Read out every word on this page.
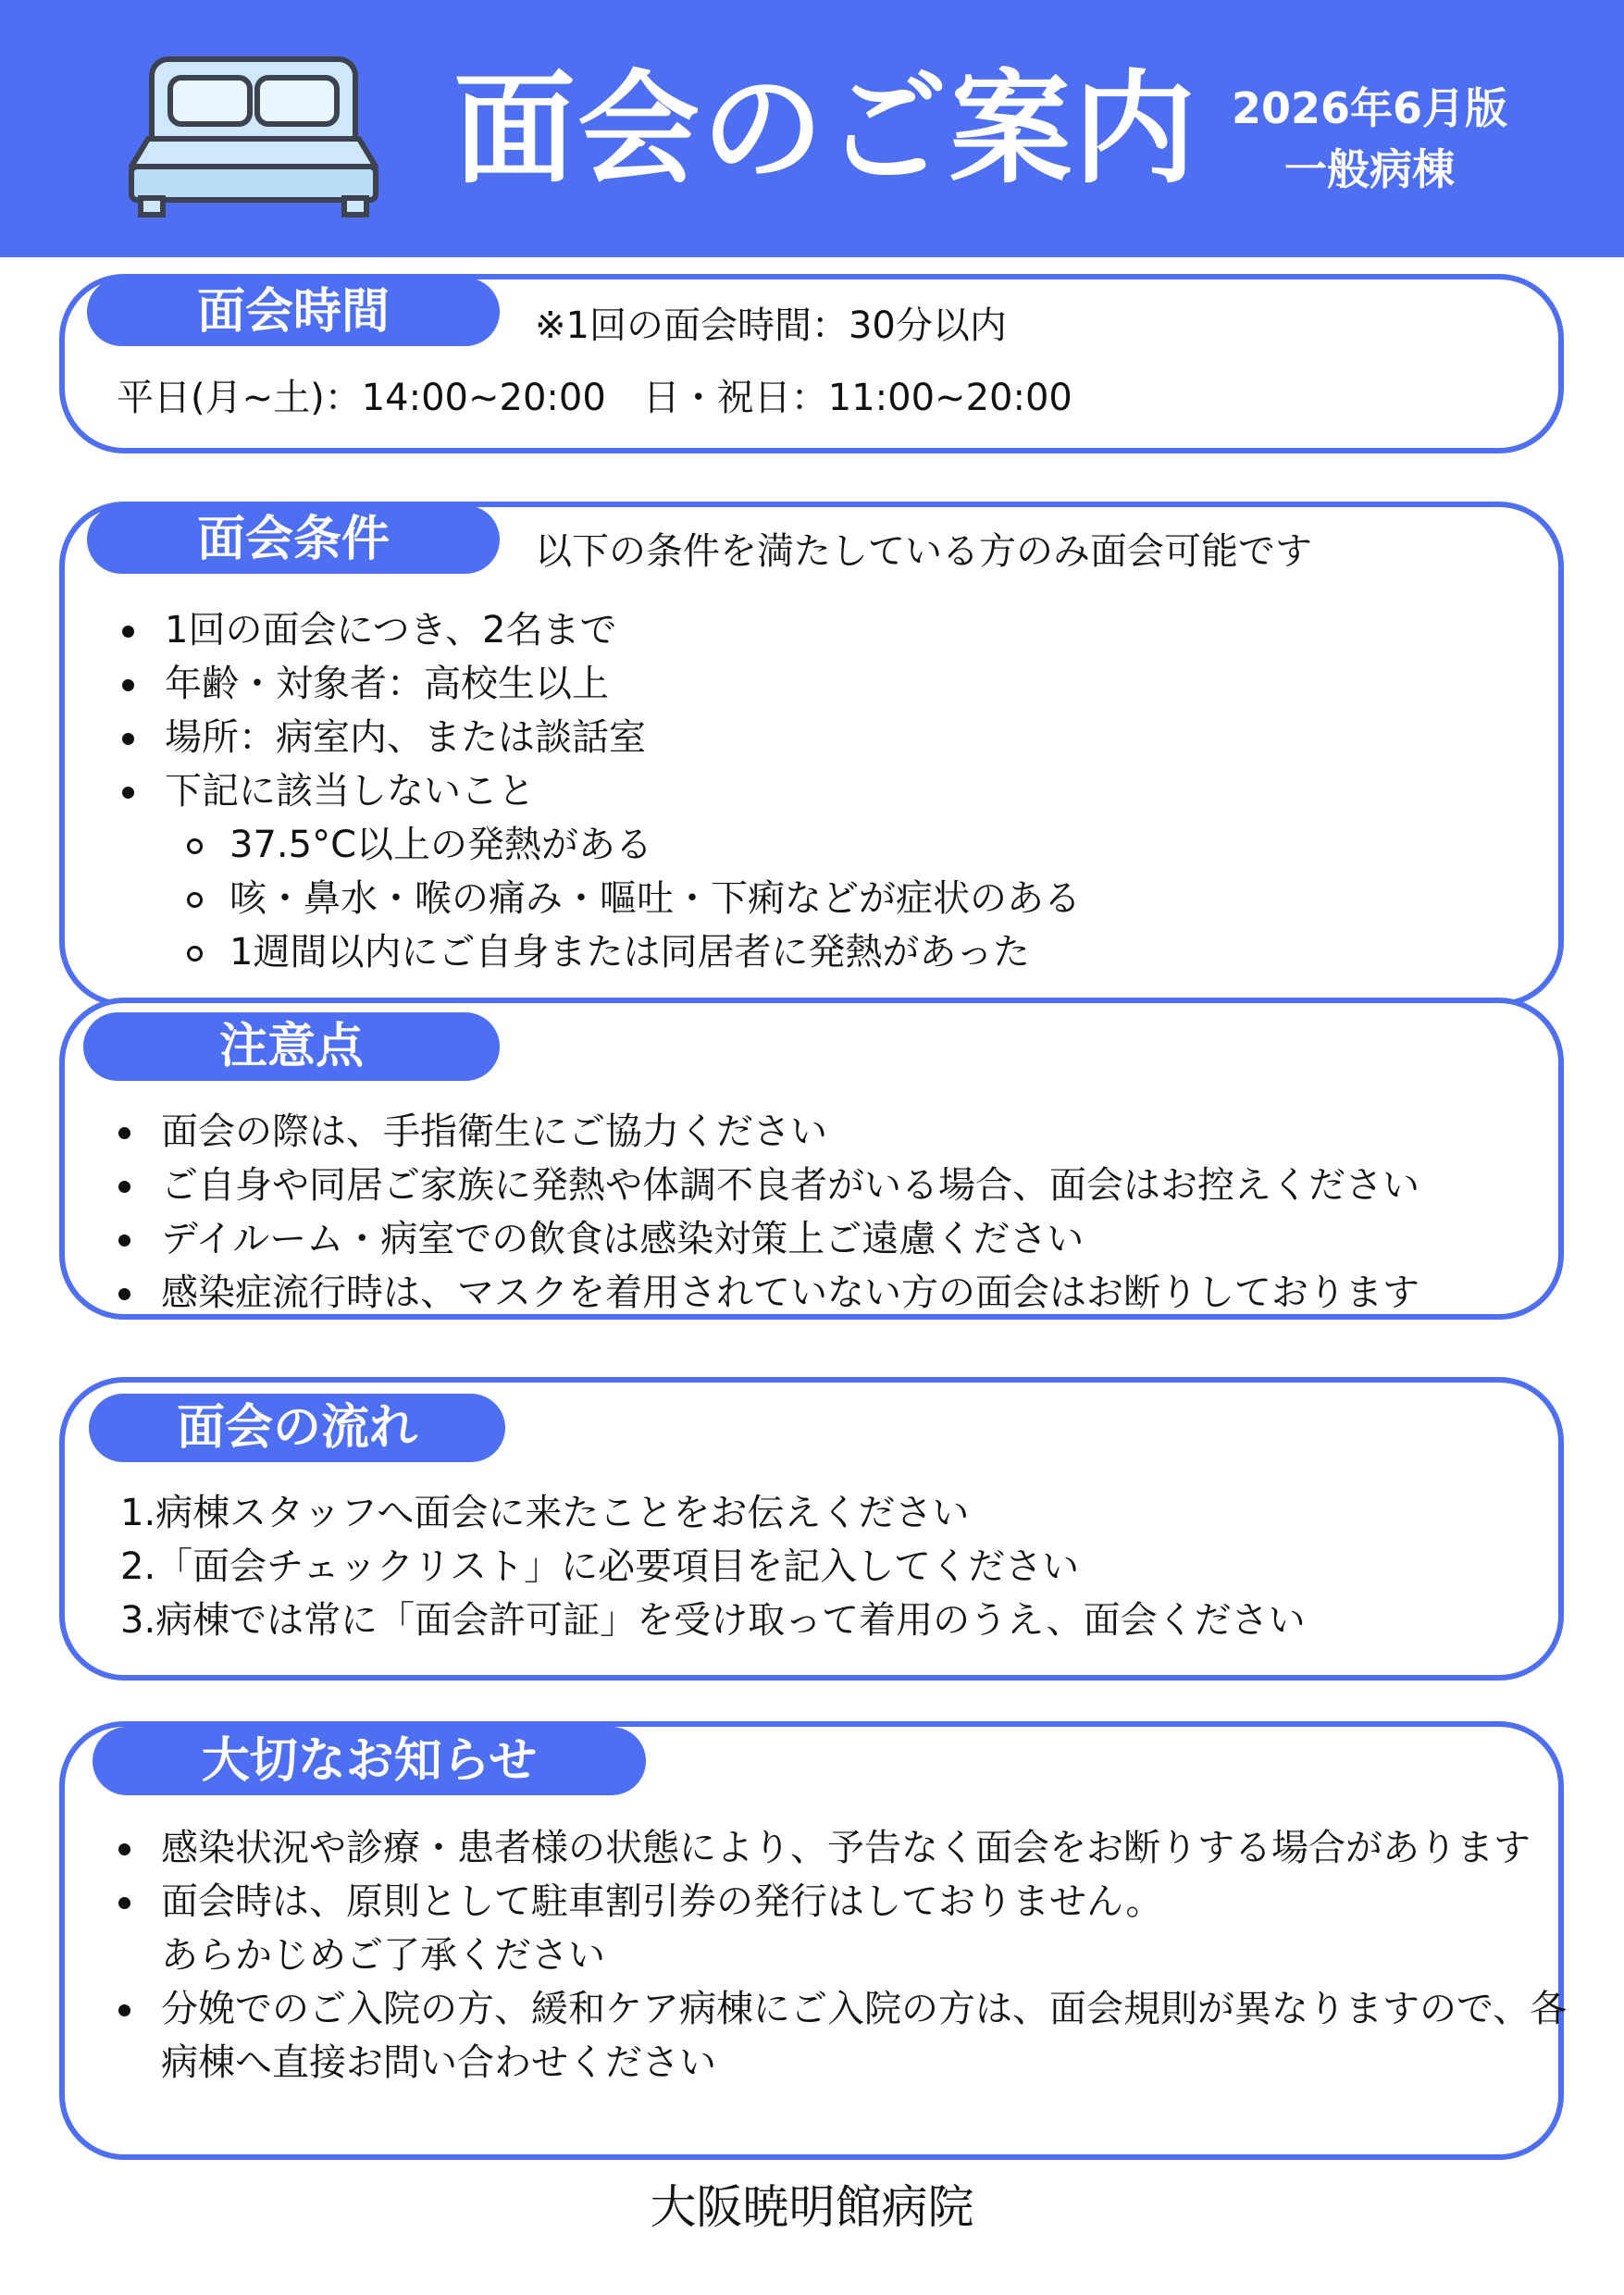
面会のご案内 2026年6月版
一般病棟
平日(月~土)：14:00~20:00　日・祝日：11:00~20:00
面会時間	※1回の面会時間：30分以内
1回の面会につき、2名まで
年齢・対象者：高校生以上
場所：病室内、または談話室
下記に該当しないこと
37.5°C以上の発熱がある
咳・鼻水・喉の痛み・嘔吐・下痢などが症状のある
1週間以内にご自身または同居者に発熱があった
面会条件	以下の条件を満たしている方のみ面会可能です
面会の際は、手指衛生にご協力ください
ご自身や同居ご家族に発熱や体調不良者がいる場合、面会はお控えください
デイルーム・病室での飲食は感染対策上ご遠慮ください
感染症流行時は、マスクを着用されていない方の面会はお断りしております
注意点
1.病棟スタッフへ面会に来たことをお伝えください
2.「面会チェックリスト」に必要項目を記入してください
3.病棟では常に「面会許可証」を受け取って着用のうえ、面会ください
面会の流れ
感染状況や診療・患者様の状態により、予告なく面会をお断りする場合があります
面会時は、原則として駐車割引券の発行はしておりません。
あらかじめご了承ください
分娩でのご入院の方、緩和ケア病棟にご入院の方は、面会規則が異なりますので、各病棟へ直接お問い合わせください
大切なお知らせ
大阪暁明館病院
